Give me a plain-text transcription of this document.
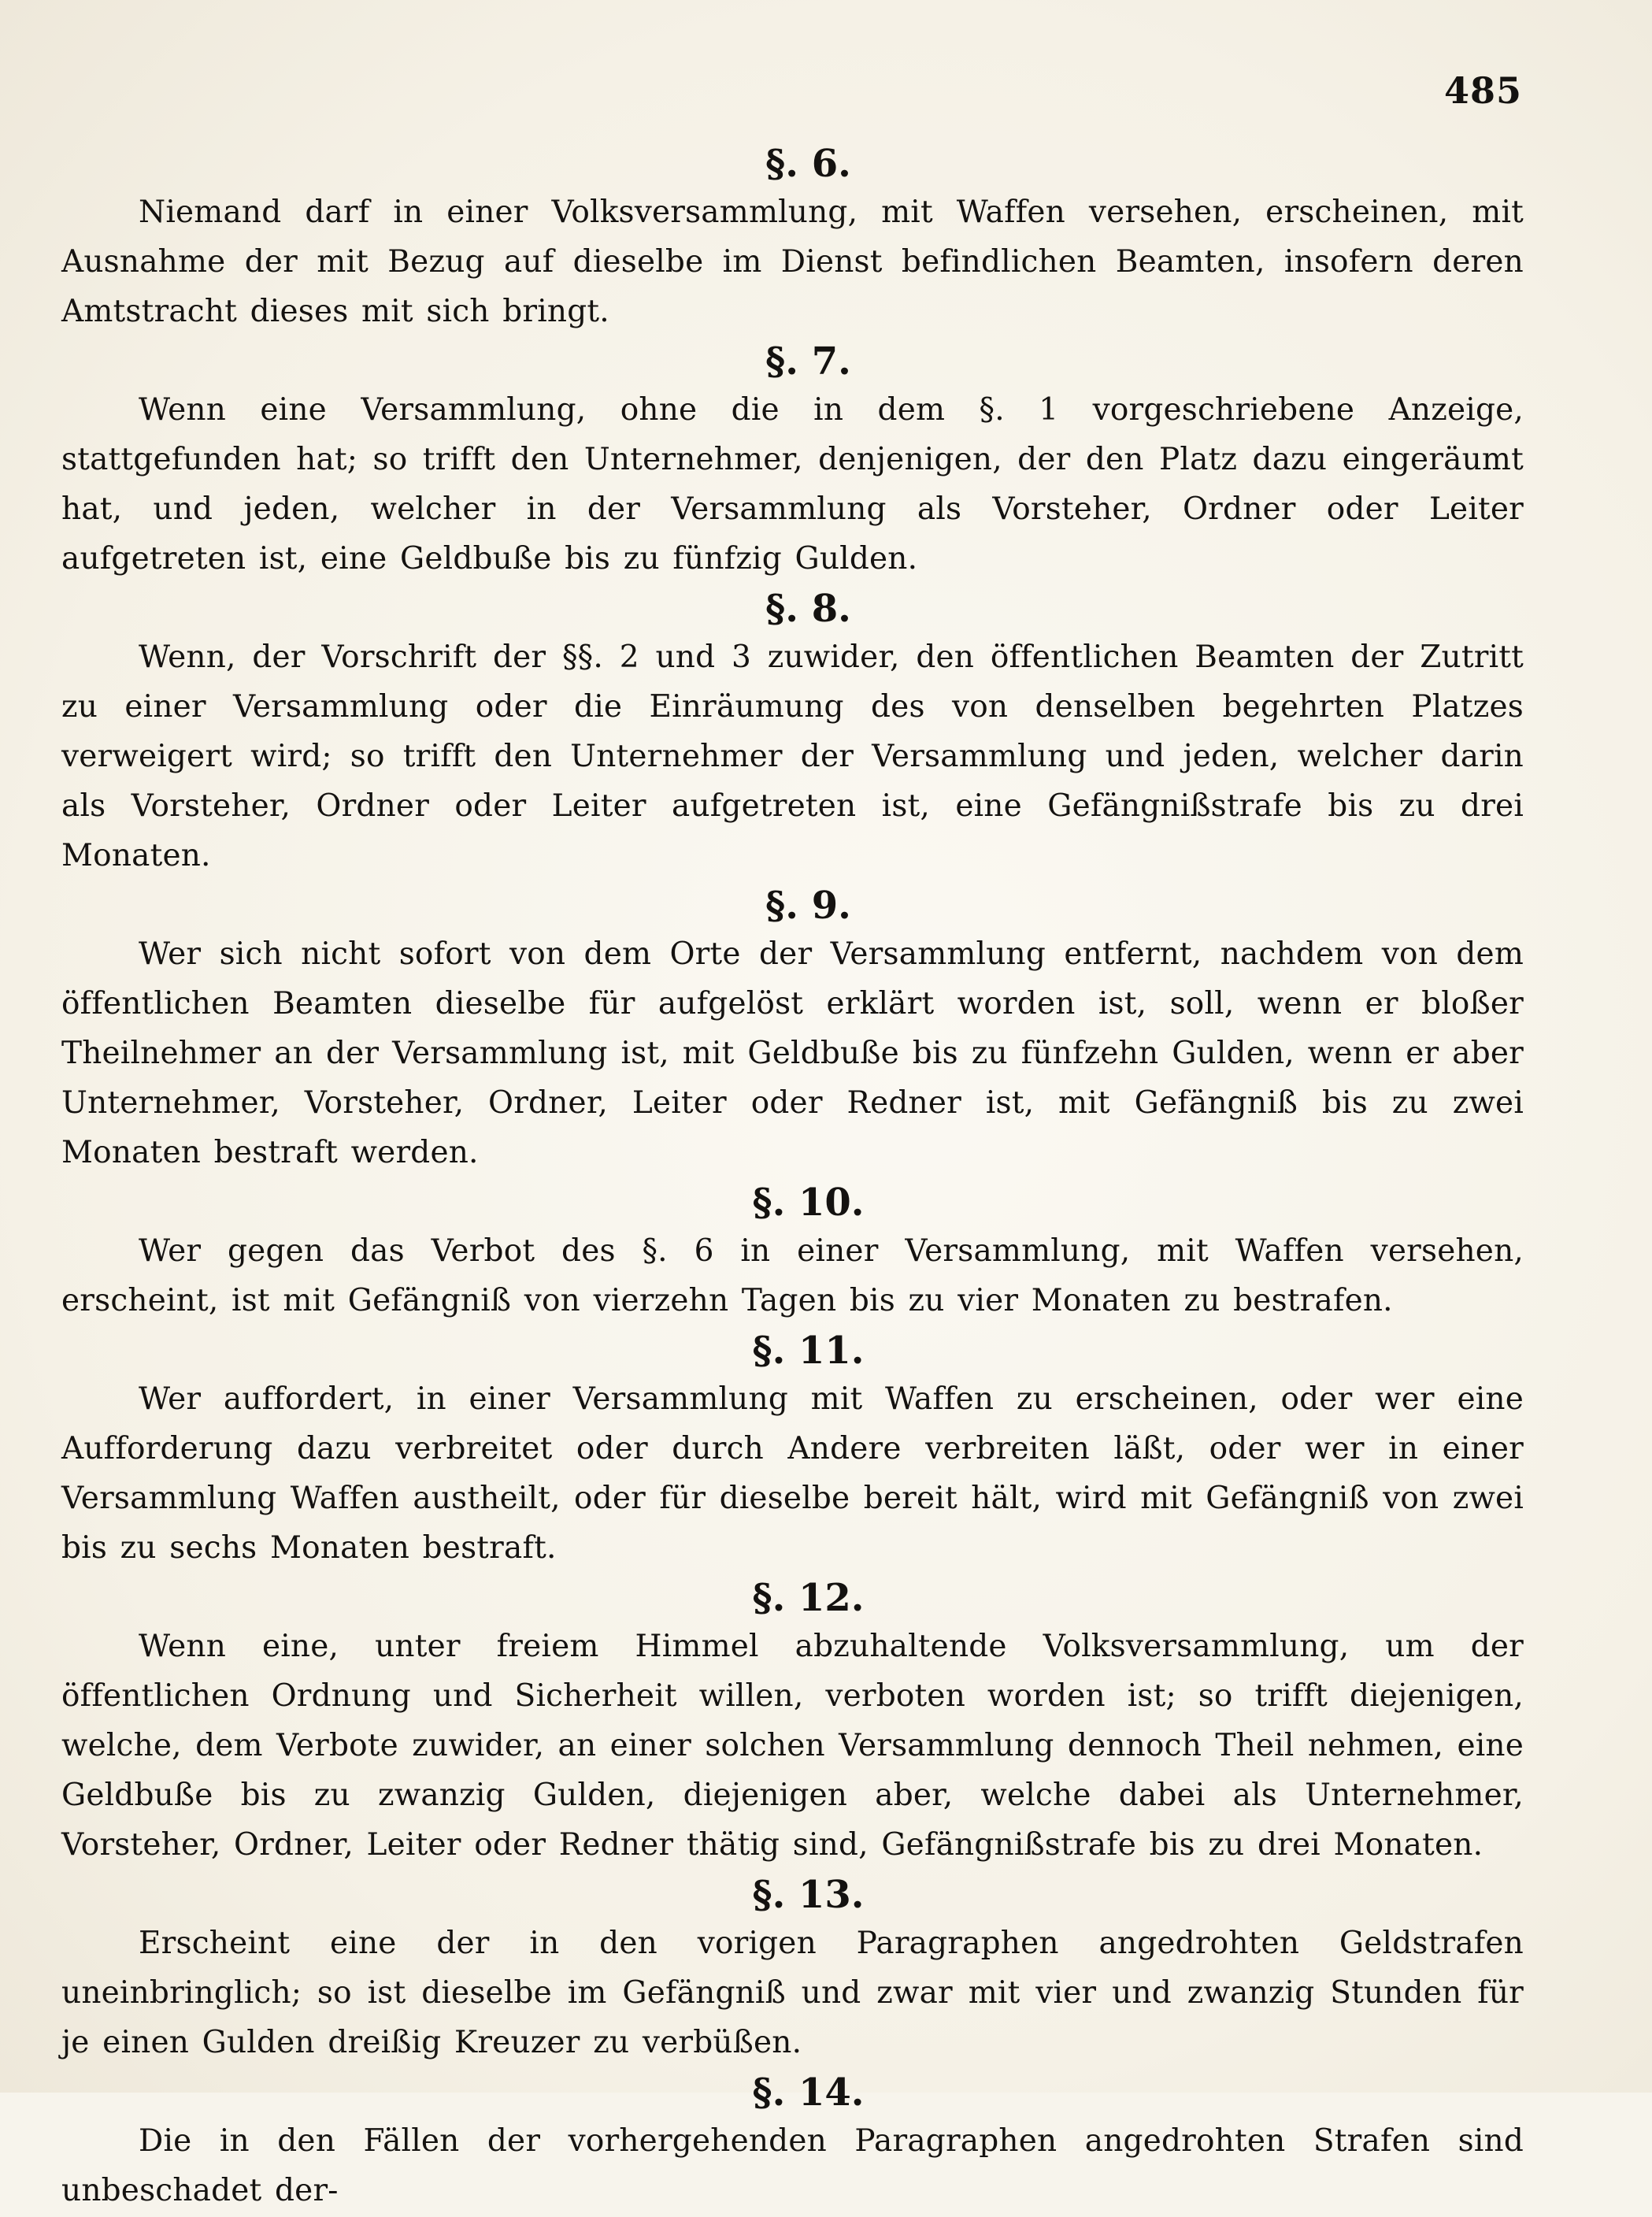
485
§. 6.

Niemand darf in einer Volksversammlung, mit Waffen versehen, erscheinen, mit Ausnahme der mit Bezug auf dieselbe im Dienst befindlichen Beamten, insofern deren Amtstracht dieses mit sich bringt.

§. 7.

Wenn eine Versammlung, ohne die in dem §. 1 vorgeschriebene Anzeige, stattgefunden hat; so trifft den Unternehmer, denjenigen, der den Platz dazu eingeräumt hat, und jeden, welcher in der Versammlung als Vorsteher, Ordner oder Leiter aufgetreten ist, eine Geldbuße bis zu fünfzig Gulden.

§. 8.

Wenn, der Vorschrift der §§. 2 und 3 zuwider, den öffentlichen Beamten der Zutritt zu einer Versammlung oder die Einräumung des von denselben begehrten Platzes verweigert wird; so trifft den Unternehmer der Versammlung und jeden, welcher darin als Vorsteher, Ordner oder Leiter aufgetreten ist, eine Gefängnißstrafe bis zu drei Monaten.

§. 9.

Wer sich nicht sofort von dem Orte der Versammlung entfernt, nachdem von dem öffentlichen Beamten dieselbe für aufgelöst erklärt worden ist, soll, wenn er bloßer Theilnehmer an der Versammlung ist, mit Geldbuße bis zu fünfzehn Gulden, wenn er aber Unternehmer, Vorsteher, Ordner, Leiter oder Redner ist, mit Gefängniß bis zu zwei Monaten bestraft werden.

§. 10.

Wer gegen das Verbot des §. 6 in einer Versammlung, mit Waffen versehen, erscheint, ist mit Gefängniß von vierzehn Tagen bis zu vier Monaten zu bestrafen.

§. 11.

Wer auffordert, in einer Versammlung mit Waffen zu erscheinen, oder wer eine Aufforderung dazu verbreitet oder durch Andere verbreiten läßt, oder wer in einer Versammlung Waffen austheilt, oder für dieselbe bereit hält, wird mit Gefängniß von zwei bis zu sechs Monaten bestraft.

§. 12.

Wenn eine, unter freiem Himmel abzuhaltende Volksversammlung, um der öffentlichen Ordnung und Sicherheit willen, verboten worden ist; so trifft diejenigen, welche, dem Verbote zuwider, an einer solchen Versammlung dennoch Theil nehmen, eine Geldbuße bis zu zwanzig Gulden, diejenigen aber, welche dabei als Unternehmer, Vorsteher, Ordner, Leiter oder Redner thätig sind, Gefängnißstrafe bis zu drei Monaten.

§. 13.

Erscheint eine der in den vorigen Paragraphen angedrohten Geldstrafen uneinbringlich; so ist dieselbe im Gefängniß und zwar mit vier und zwanzig Stunden für je einen Gulden dreißig Kreuzer zu verbüßen.

§. 14.

Die in den Fällen der vorhergehenden Paragraphen angedrohten Strafen sind unbeschadet der-
